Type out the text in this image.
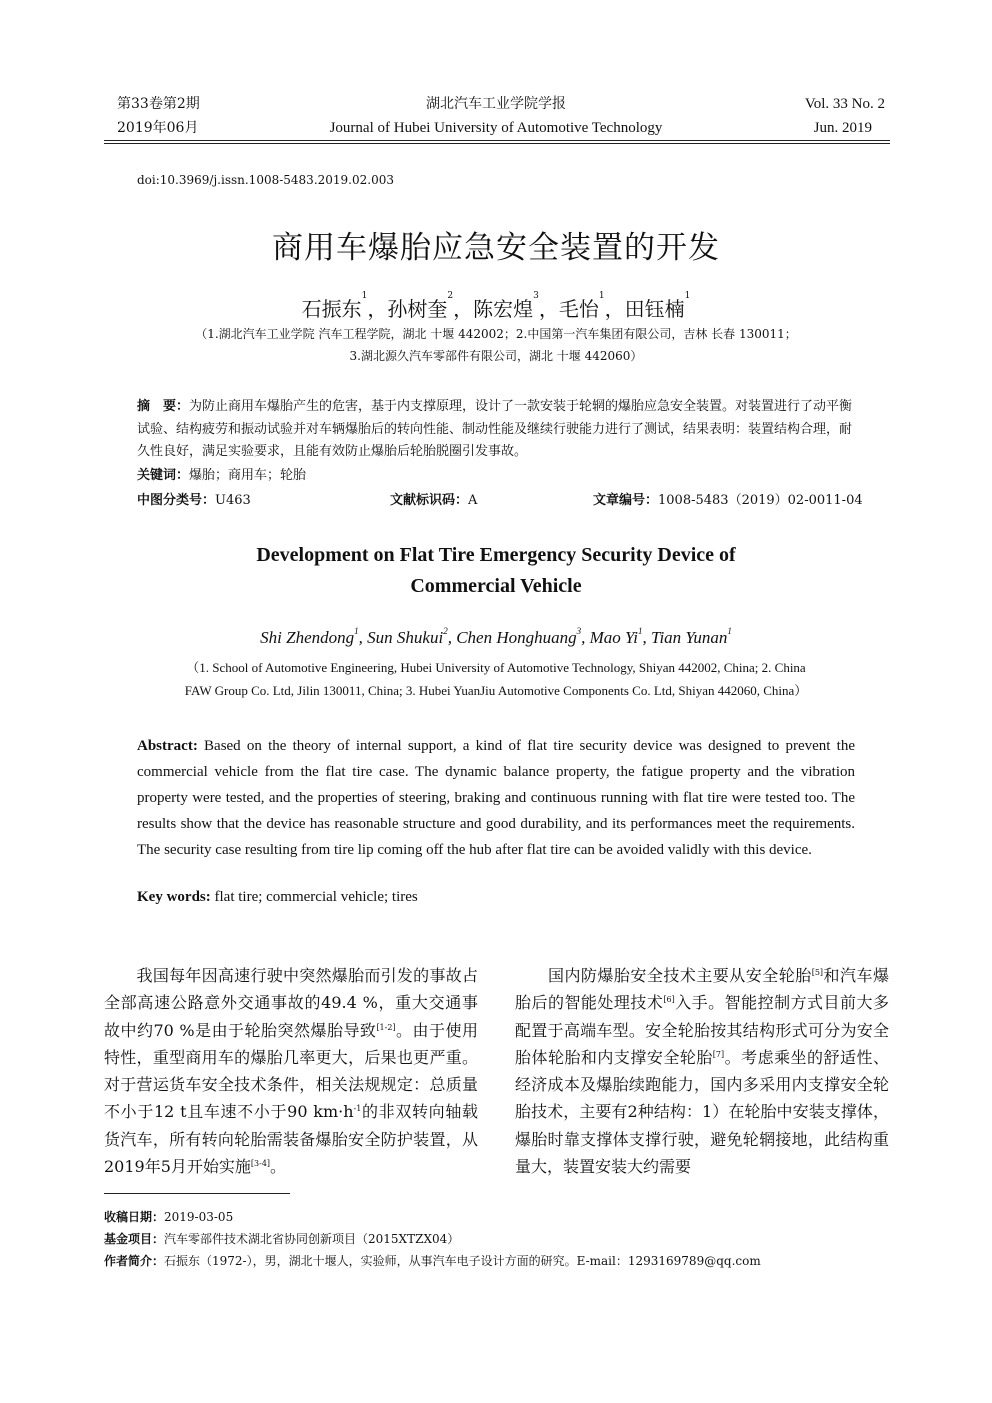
第33卷第2期
2019年06月
湖北汽车工业学院学报
Journal of Hubei University of Automotive Technology
Vol. 33 No. 2
Jun. 2019
doi:10.3969/j.issn.1008-5483.2019.02.003
商用车爆胎应急安全装置的开发
石振东$^1$，孙树奎$^2$，陈宏煌$^3$，毛怡$^1$，田钰楠$^1$
（1.湖北汽车工业学院 汽车工程学院，湖北 十堰 442002；2.中国第一汽车集团有限公司，吉林 长春 130011；
3.湖北源久汽车零部件有限公司，湖北 十堰 442060）
摘　要：为防止商用车爆胎产生的危害，基于内支撑原理，设计了一款安装于轮辋的爆胎应急安全装置。对装置进行了动平衡试验、结构疲劳和振动试验并对车辆爆胎后的转向性能、制动性能及继续行驶能力进行了测试，结果表明：装置结构合理，耐久性良好，满足实验要求，且能有效防止爆胎后轮胎脱圈引发事故。
关键词：爆胎；商用车；轮胎
中图分类号：U463	文献标识码：A	文章编号：1008-5483（2019）02-0011-04
Development on Flat Tire Emergency Security Device of
Commercial Vehicle
Shi Zhendong$^1$, Sun Shukui$^2$, Chen Honghuang$^3$, Mao Yi$^1$, Tian Yunan$^1$
（1. School of Automotive Engineering, Hubei University of Automotive Technology, Shiyan 442002, China; 2. China
FAW Group Co. Ltd, Jilin 130011, China; 3. Hubei YuanJiu Automotive Components Co. Ltd, Shiyan 442060, China）
Abstract: Based on the theory of internal support, a kind of flat tire security device was designed to prevent the commercial vehicle from the flat tire case. The dynamic balance property, the fatigue property and the vibration property were tested, and the properties of steering, braking and continuous running with flat tire were tested too. The results show that the device has reasonable structure and good durability, and its performances meet the requirements. The security case resulting from tire lip coming off the hub after flat tire can be avoided validly with this device.
Key words: flat tire; commercial vehicle; tires
　　我国每年因高速行驶中突然爆胎而引发的事故占全部高速公路意外交通事故的49.4 %，重大交通事故中约70 %是由于轮胎突然爆胎导致[1-2]。由于使用特性，重型商用车的爆胎几率更大，后果也更严重。对于营运货车安全技术条件，相关法规规定：总质量不小于12 t且车速不小于90 $km\cdot h^{-1}$的非双转向轴载货汽车，所有转向轮胎需装备爆胎安全防护装置，从2019年5月开始实施[3-4]。
　　国内防爆胎安全技术主要从安全轮胎[5]和汽车爆胎后的智能处理技术[6]入手。智能控制方式目前大多配置于高端车型。安全轮胎按其结构形式可分为安全胎体轮胎和内支撑安全轮胎[7]。考虑乘坐的舒适性、经济成本及爆胎续跑能力，国内多采用内支撑安全轮胎技术，主要有2种结构：1）在轮胎中安装支撑体，爆胎时靠支撑体支撑行驶，避免轮辋接地，此结构重量大，装置安装大约需要
收稿日期：2019-03-05
基金项目：汽车零部件技术湖北省协同创新项目（2015XTZX04）
作者简介：石振东（1972-），男，湖北十堰人，实验师，从事汽车电子设计方面的研究。E-mail：1293169789@qq.com
